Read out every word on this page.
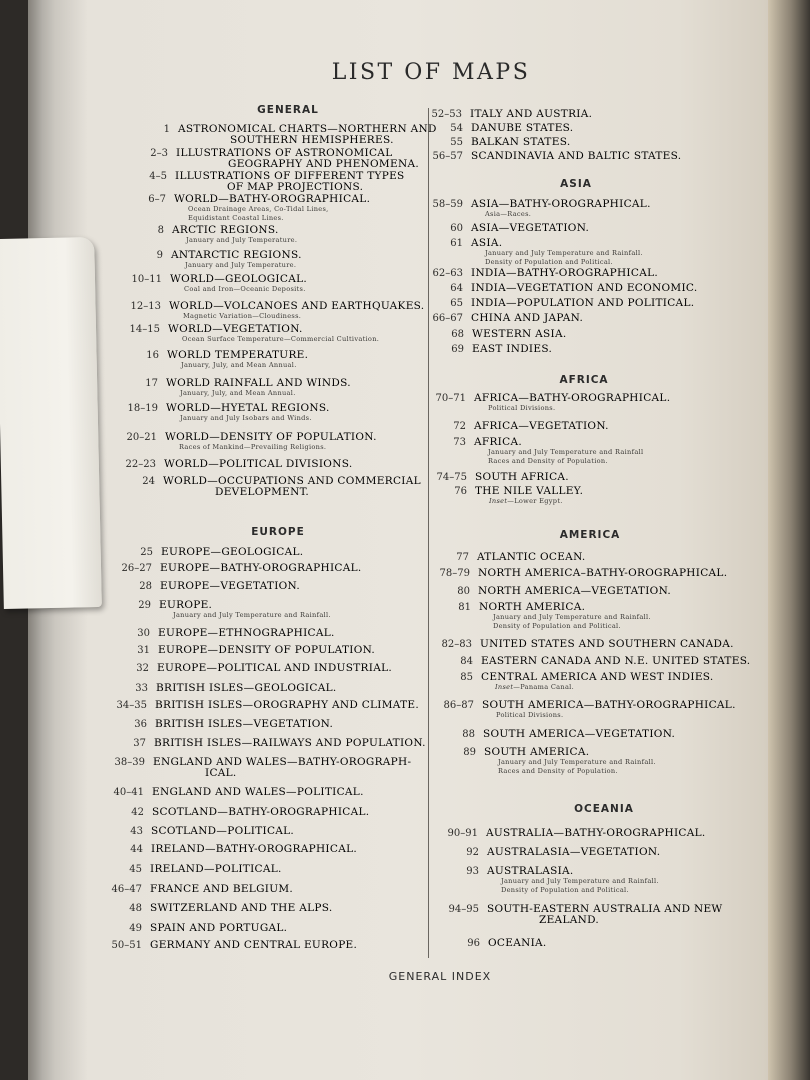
LIST OF MAPS
GENERAL
1 ASTRONOMICAL CHARTS—NORTHERN AND
SOUTHERN HEMISPHERES.
2–3 ILLUSTRATIONS OF ASTRONOMICAL
GEOGRAPHY AND PHENOMENA.
4–5 ILLUSTRATIONS OF DIFFERENT TYPES
OF MAP PROJECTIONS.
6–7 WORLD—BATHY-OROGRAPHICAL.
Ocean Drainage Areas, Co-Tidal Lines,
Equidistant Coastal Lines.
8 ARCTIC REGIONS.
January and July Temperature.
9 ANTARCTIC REGIONS.
January and July Temperature.
10–11 WORLD—GEOLOGICAL.
Coal and Iron—Oceanic Deposits.
12–13 WORLD—VOLCANOES AND EARTHQUAKES.
Magnetic Variation—Cloudiness.
14–15 WORLD—VEGETATION.
Ocean Surface Temperature—Commercial Cultivation.
16 WORLD TEMPERATURE.
January, July, and Mean Annual.
17 WORLD RAINFALL AND WINDS.
January, July, and Mean Annual.
18–19 WORLD—HYETAL REGIONS.
January and July Isobars and Winds.
20–21 WORLD—DENSITY OF POPULATION.
Races of Mankind—Prevailing Religions.
22–23 WORLD—POLITICAL DIVISIONS.
24 WORLD—OCCUPATIONS AND COMMERCIAL
DEVELOPMENT.
EUROPE
25 EUROPE—GEOLOGICAL.
26–27 EUROPE—BATHY-OROGRAPHICAL.
28 EUROPE—VEGETATION.
29 EUROPE.
January and July Temperature and Rainfall.
30 EUROPE—ETHNOGRAPHICAL.
31 EUROPE—DENSITY OF POPULATION.
32 EUROPE—POLITICAL AND INDUSTRIAL.
33 BRITISH ISLES—GEOLOGICAL.
34–35 BRITISH ISLES—OROGRAPHY AND CLIMATE.
36 BRITISH ISLES—VEGETATION.
37 BRITISH ISLES—RAILWAYS AND POPULATION.
38–39 ENGLAND AND WALES—BATHY-OROGRAPH-
ICAL.
40–41 ENGLAND AND WALES—POLITICAL.
42 SCOTLAND—BATHY-OROGRAPHICAL.
43 SCOTLAND—POLITICAL.
44 IRELAND—BATHY-OROGRAPHICAL.
45 IRELAND—POLITICAL.
46–47 FRANCE AND BELGIUM.
48 SWITZERLAND AND THE ALPS.
49 SPAIN AND PORTUGAL.
50–51 GERMANY AND CENTRAL EUROPE.
52–53 ITALY AND AUSTRIA.
54 DANUBE STATES.
55 BALKAN STATES.
56–57 SCANDINAVIA AND BALTIC STATES.
ASIA
58–59 ASIA—BATHY-OROGRAPHICAL.
Asia—Races.
60 ASIA—VEGETATION.
61 ASIA.
January and July Temperature and Rainfall.
Density of Population and Political.
62–63 INDIA—BATHY-OROGRAPHICAL.
64 INDIA—VEGETATION AND ECONOMIC.
65 INDIA—POPULATION AND POLITICAL.
66–67 CHINA AND JAPAN.
68 WESTERN ASIA.
69 EAST INDIES.
AFRICA
70–71 AFRICA—BATHY-OROGRAPHICAL.
Political Divisions.
72 AFRICA—VEGETATION.
73 AFRICA.
January and July Temperature and Rainfall
Races and Density of Population.
74–75 SOUTH AFRICA.
76 THE NILE VALLEY.
Inset—Lower Egypt.
AMERICA
77 ATLANTIC OCEAN.
78–79 NORTH AMERICA–BATHY-OROGRAPHICAL.
80 NORTH AMERICA—VEGETATION.
81 NORTH AMERICA.
January and July Temperature and Rainfall.
Density of Population and Political.
82–83 UNITED STATES AND SOUTHERN CANADA.
84 EASTERN CANADA AND N.E. UNITED STATES.
85 CENTRAL AMERICA AND WEST INDIES.
Inset—Panama Canal.
86–87 SOUTH AMERICA—BATHY-OROGRAPHICAL.
Political Divisions.
88 SOUTH AMERICA—VEGETATION.
89 SOUTH AMERICA.
January and July Temperature and Rainfall.
Races and Density of Population.
OCEANIA
90–91 AUSTRALIA—BATHY-OROGRAPHICAL.
92 AUSTRALASIA—VEGETATION.
93 AUSTRALASIA.
January and July Temperature and Rainfall.
Density of Population and Political.
94–95 SOUTH-EASTERN AUSTRALIA AND NEW
ZEALAND.
96 OCEANIA.
GENERAL INDEX
